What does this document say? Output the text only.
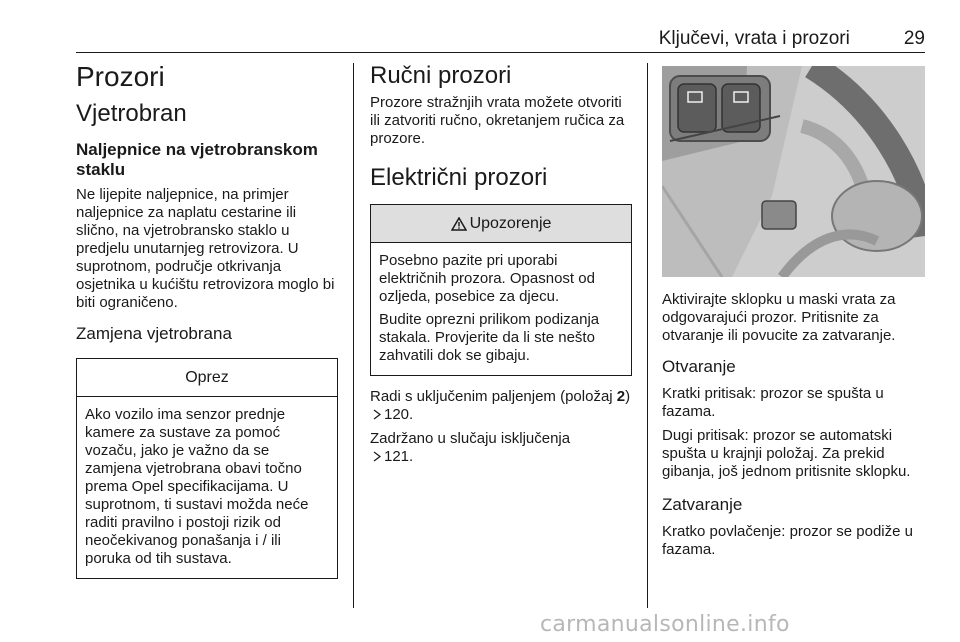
Ključevi, vrata i prozori	29
Prozori
Vjetrobran
Naljepnice na vjetrobranskom staklu

Ne lijepite naljepnice, na primjer naljepnice za naplatu cestarine ili slično, na vjetrobransko staklo u predjelu unutarnjeg retrovizora. U suprotnom, područje otkrivanja osjetnika u kućištu retrovizora moglo bi biti ograničeno.

Zamjena vjetrobrana
Oprez

Ako vozilo ima senzor prednje kamere za sustave za pomoć vozaču, jako je važno da se zamjena vjetrobrana obavi točno prema Opel specifikacijama. U suprotnom, ti sustavi možda neće raditi pravilno i postoji rizik od neočekivanog ponašanja i / ili poruka od tih sustava.

Ručni prozori

Prozore stražnjih vrata možete otvoriti ili zatvoriti ručno, okretanjem ručica za prozore.

Električni prozori
Upozorenje

Posebno pazite pri uporabi električnih prozora. Opasnost od ozljeda, posebice za djecu.

Budite oprezni prilikom podizanja stakala. Provjerite da li ste nešto zahvatili dok se gibaju.

Radi s uključenim paljenjem (položaj 2) 120.

Zadržano u slučaju isključenja
121.

Aktivirajte sklopku u maski vrata za odgovarajući prozor. Pritisnite za otvaranje ili povucite za zatvaranje.

Otvaranje

Kratki pritisak: prozor se spušta u fazama.

Dugi pritisak: prozor se automatski spušta u krajnji položaj. Za prekid gibanja, još jednom pritisnite sklopku.

Zatvaranje

Kratko povlačenje: prozor se podiže u fazama.

carmanualsonline.info
